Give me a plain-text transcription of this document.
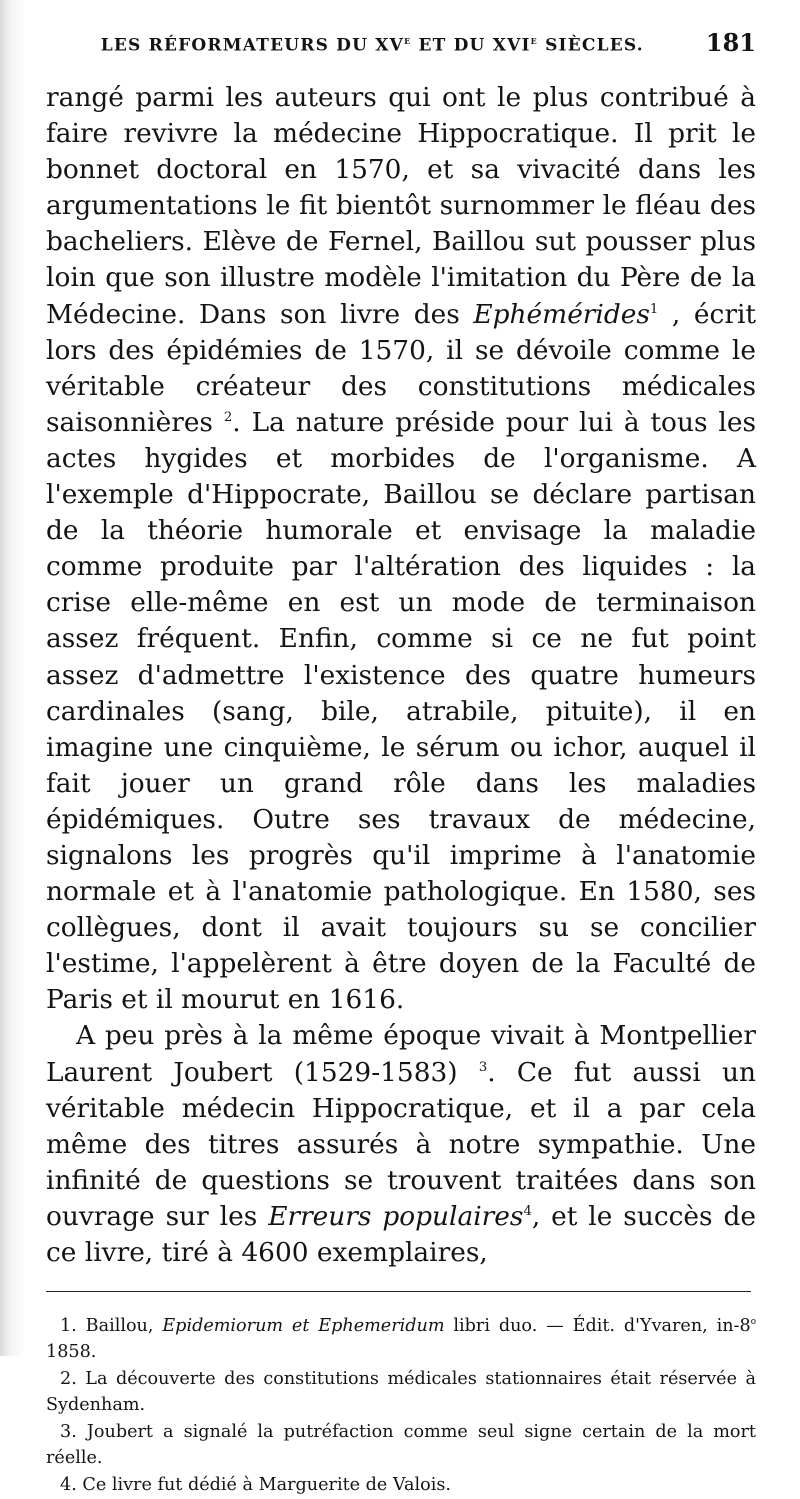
LES RÉFORMATEURS DU XVe ET DU XVIe SIÈCLES.	181

rangé parmi les auteurs qui ont le plus contribué à faire revivre la médecine Hippocratique. Il prit le bonnet doctoral en 1570, et sa vivacité dans les argumentations le fit bientôt surnommer le fléau des bacheliers. Elève de Fernel, Baillou sut pousser plus loin que son illustre modèle l'imitation du Père de la Médecine. Dans son livre des Ephémérides$^1$ , écrit lors des épidémies de 1570, il se dévoile comme le véritable créateur des constitutions médicales saisonnières $^2$. La nature préside pour lui à tous les actes hygides et morbides de l'organisme. A l'exemple d'Hippocrate, Baillou se déclare partisan de la théorie humorale et envisage la maladie comme produite par l'altération des liquides : la crise elle-même en est un mode de terminaison assez fréquent. Enfin, comme si ce ne fut point assez d'admettre l'existence des quatre humeurs cardinales (sang, bile, atrabile, pituite), il en imagine une cinquième, le sérum ou ichor, auquel il fait jouer un grand rôle dans les maladies épidémiques. Outre ses travaux de médecine, signalons les progrès qu'il imprime à l'anatomie normale et à l'anatomie pathologique. En 1580, ses collègues, dont il avait toujours su se concilier l'estime, l'appelèrent à être doyen de la Faculté de Paris et il mourut en 1616.

A peu près à la même époque vivait à Montpellier Laurent Joubert (1529-1583) $^3$. Ce fut aussi un véritable médecin Hippocratique, et il a par cela même des titres assurés à notre sympathie. Une infinité de questions se trouvent traitées dans son ouvrage sur les Erreurs populaires$^4$, et le succès de ce livre, tiré à 4600 exemplaires,

1. Baillou, Epidemiorum et Ephemeridum libri duo. — Édit. d'Yvaren, in-8$^o$ 1858.

2. La découverte des constitutions médicales stationnaires était réservée à Sydenham.

3. Joubert a signalé la putréfaction comme seul signe certain de la mort réelle.

4. Ce livre fut dédié à Marguerite de Valois.
